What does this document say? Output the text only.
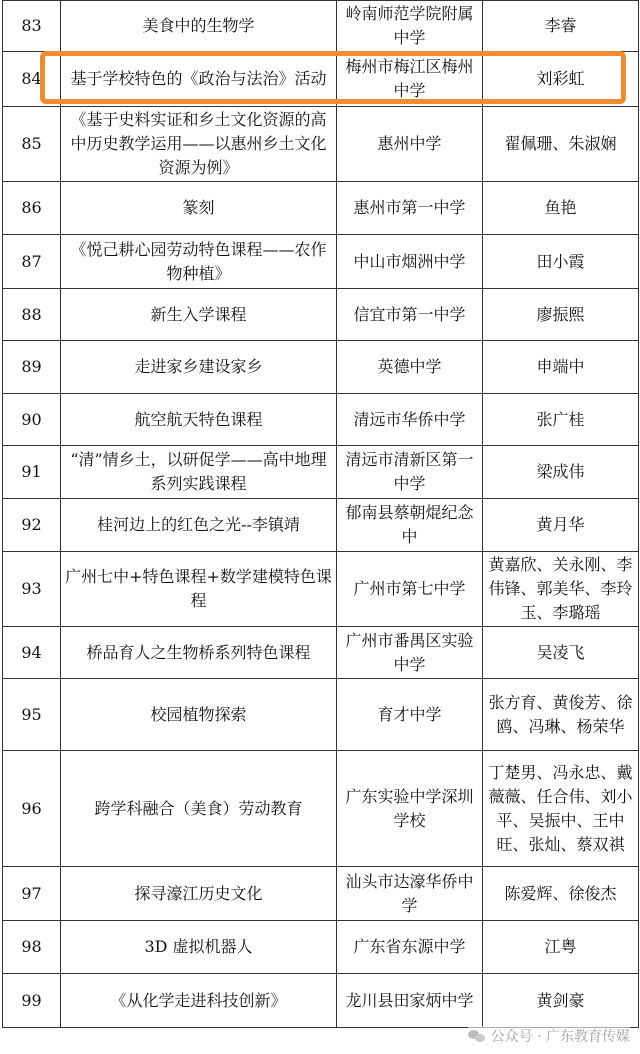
83	美食中的生物学	岭南师范学院附属中学	李睿
84	基于学校特色的《政治与法治》活动	梅州市梅江区梅州中学	刘彩虹
85	《基于史料实证和乡土文化资源的高中历史教学运用——以惠州乡土文化资源为例》	惠州中学	翟佩珊、朱淑娴
86	篆刻	惠州市第一中学	鱼艳
87	《悦己耕心园劳动特色课程——农作物种植》	中山市烟洲中学	田小霞
88	新生入学课程	信宜市第一中学	廖振熙
89	走进家乡建设家乡	英德中学	申端中
90	航空航天特色课程	清远市华侨中学	张广桂
91	“清”情乡土，以研促学——高中地理系列实践课程	清远市清新区第一中学	梁成伟
92	桂河边上的红色之光--李镇靖	郁南县蔡朝焜纪念中	黄月华
93	广州七中+特色课程+数学建模特色课程	广州市第七中学	黄嘉欣、关永刚、李伟锋、郭美华、李玲玉、李璐瑶
94	桥品育人之生物桥系列特色课程	广州市番禺区实验中学	吴凌飞
95	校园植物探索	育才中学	张方育、黄俊芳、徐鸥、冯琳、杨荣华
96	跨学科融合（美食）劳动教育	广东实验中学深圳学校	丁楚男、冯永忠、戴薇薇、任合伟、刘小平、吴振中、王中旺、张灿、蔡双祺
97	探寻濠江历史文化	汕头市达濠华侨中学	陈爱辉、徐俊杰
98	3D 虚拟机器人	广东省东源中学	江粤
99	《从化学走进科技创新》	龙川县田家炳中学	黄剑豪
公众号 · 广东教育传媒
